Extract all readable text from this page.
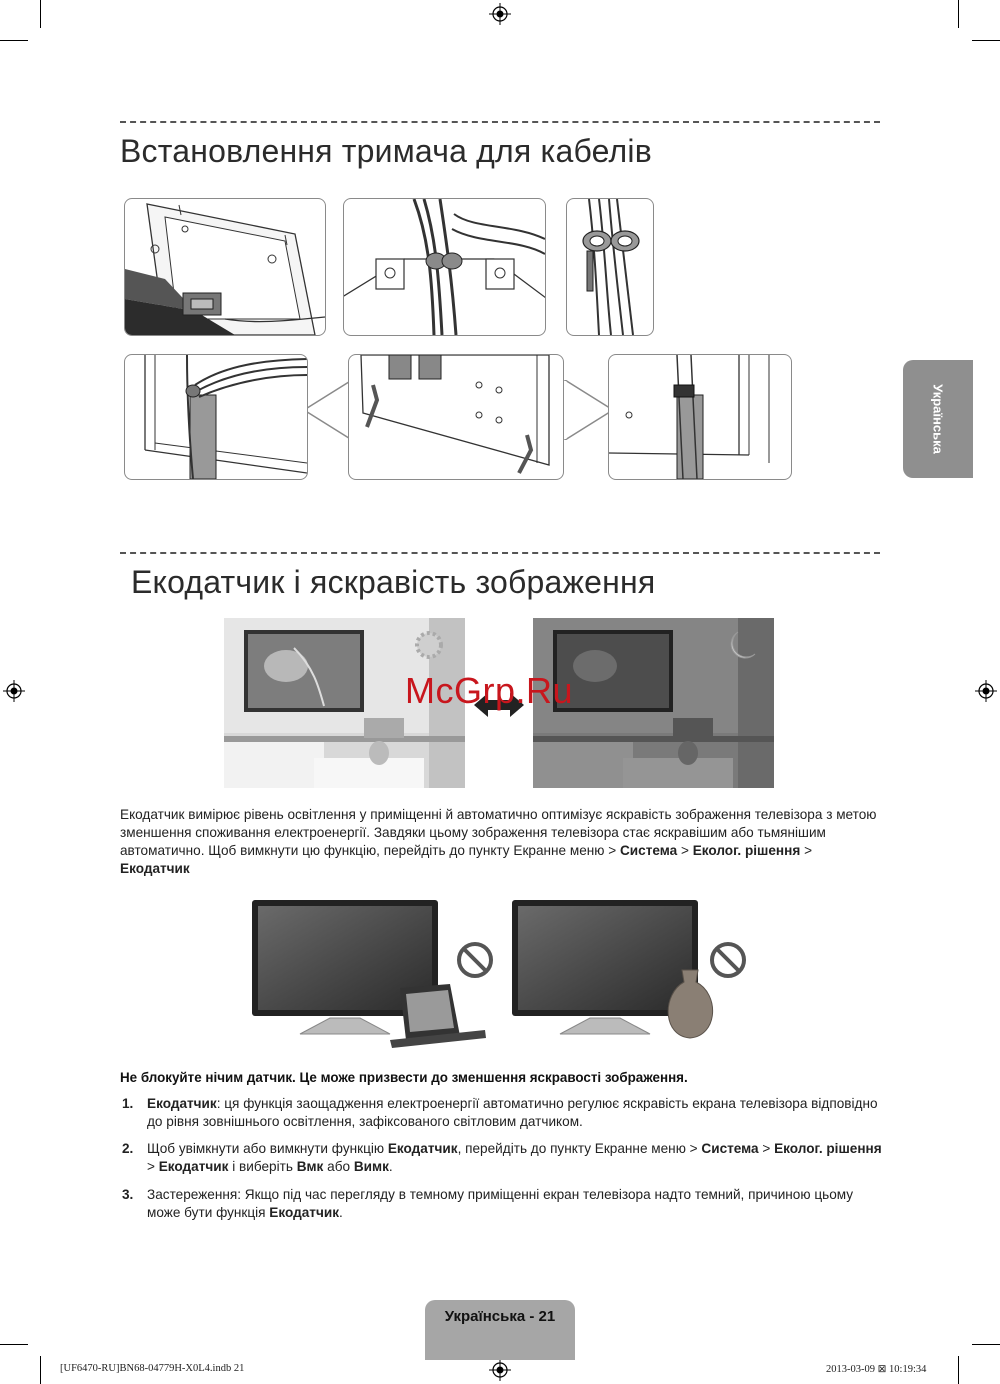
Українська
Встановлення тримача для кабелів
Екодатчик і яскравість зображення
McGrp.Ru
Екодатчик вимірює рівень освітлення у приміщенні й автоматично оптимізує яскравість зображення телевізора з метою зменшення споживання електроенергії. Завдяки цьому зображення телевізора стає яскравішим або тьмянішим автоматично. Щоб вимкнути цю функцію, перейдіть до пункту Екранне меню > Система > Еколог. рішення > Екодатчик
Не блокуйте нічим датчик. Це може призвести до зменшення яскравості зображення.
1. Екодатчик: ця функція заощадження електроенергії автоматично регулює яскравість екрана телевізора відповідно до рівня зовнішнього освітлення, зафіксованого світловим датчиком.
2. Щоб увімкнути або вимкнути функцію Екодатчик, перейдіть до пункту Екранне меню > Система > Еколог. рішення > Екодатчик і виберіть Вмк або Вимк.
3. Застереження: Якщо під час перегляду в темному приміщенні екран телевізора надто темний, причиною цьому може бути функція Екодатчик.
Українська - 21
[UF6470-RU]BN68-04779H-X0L4.indb 21	2013-03-09 ⊠ 10:19:34
